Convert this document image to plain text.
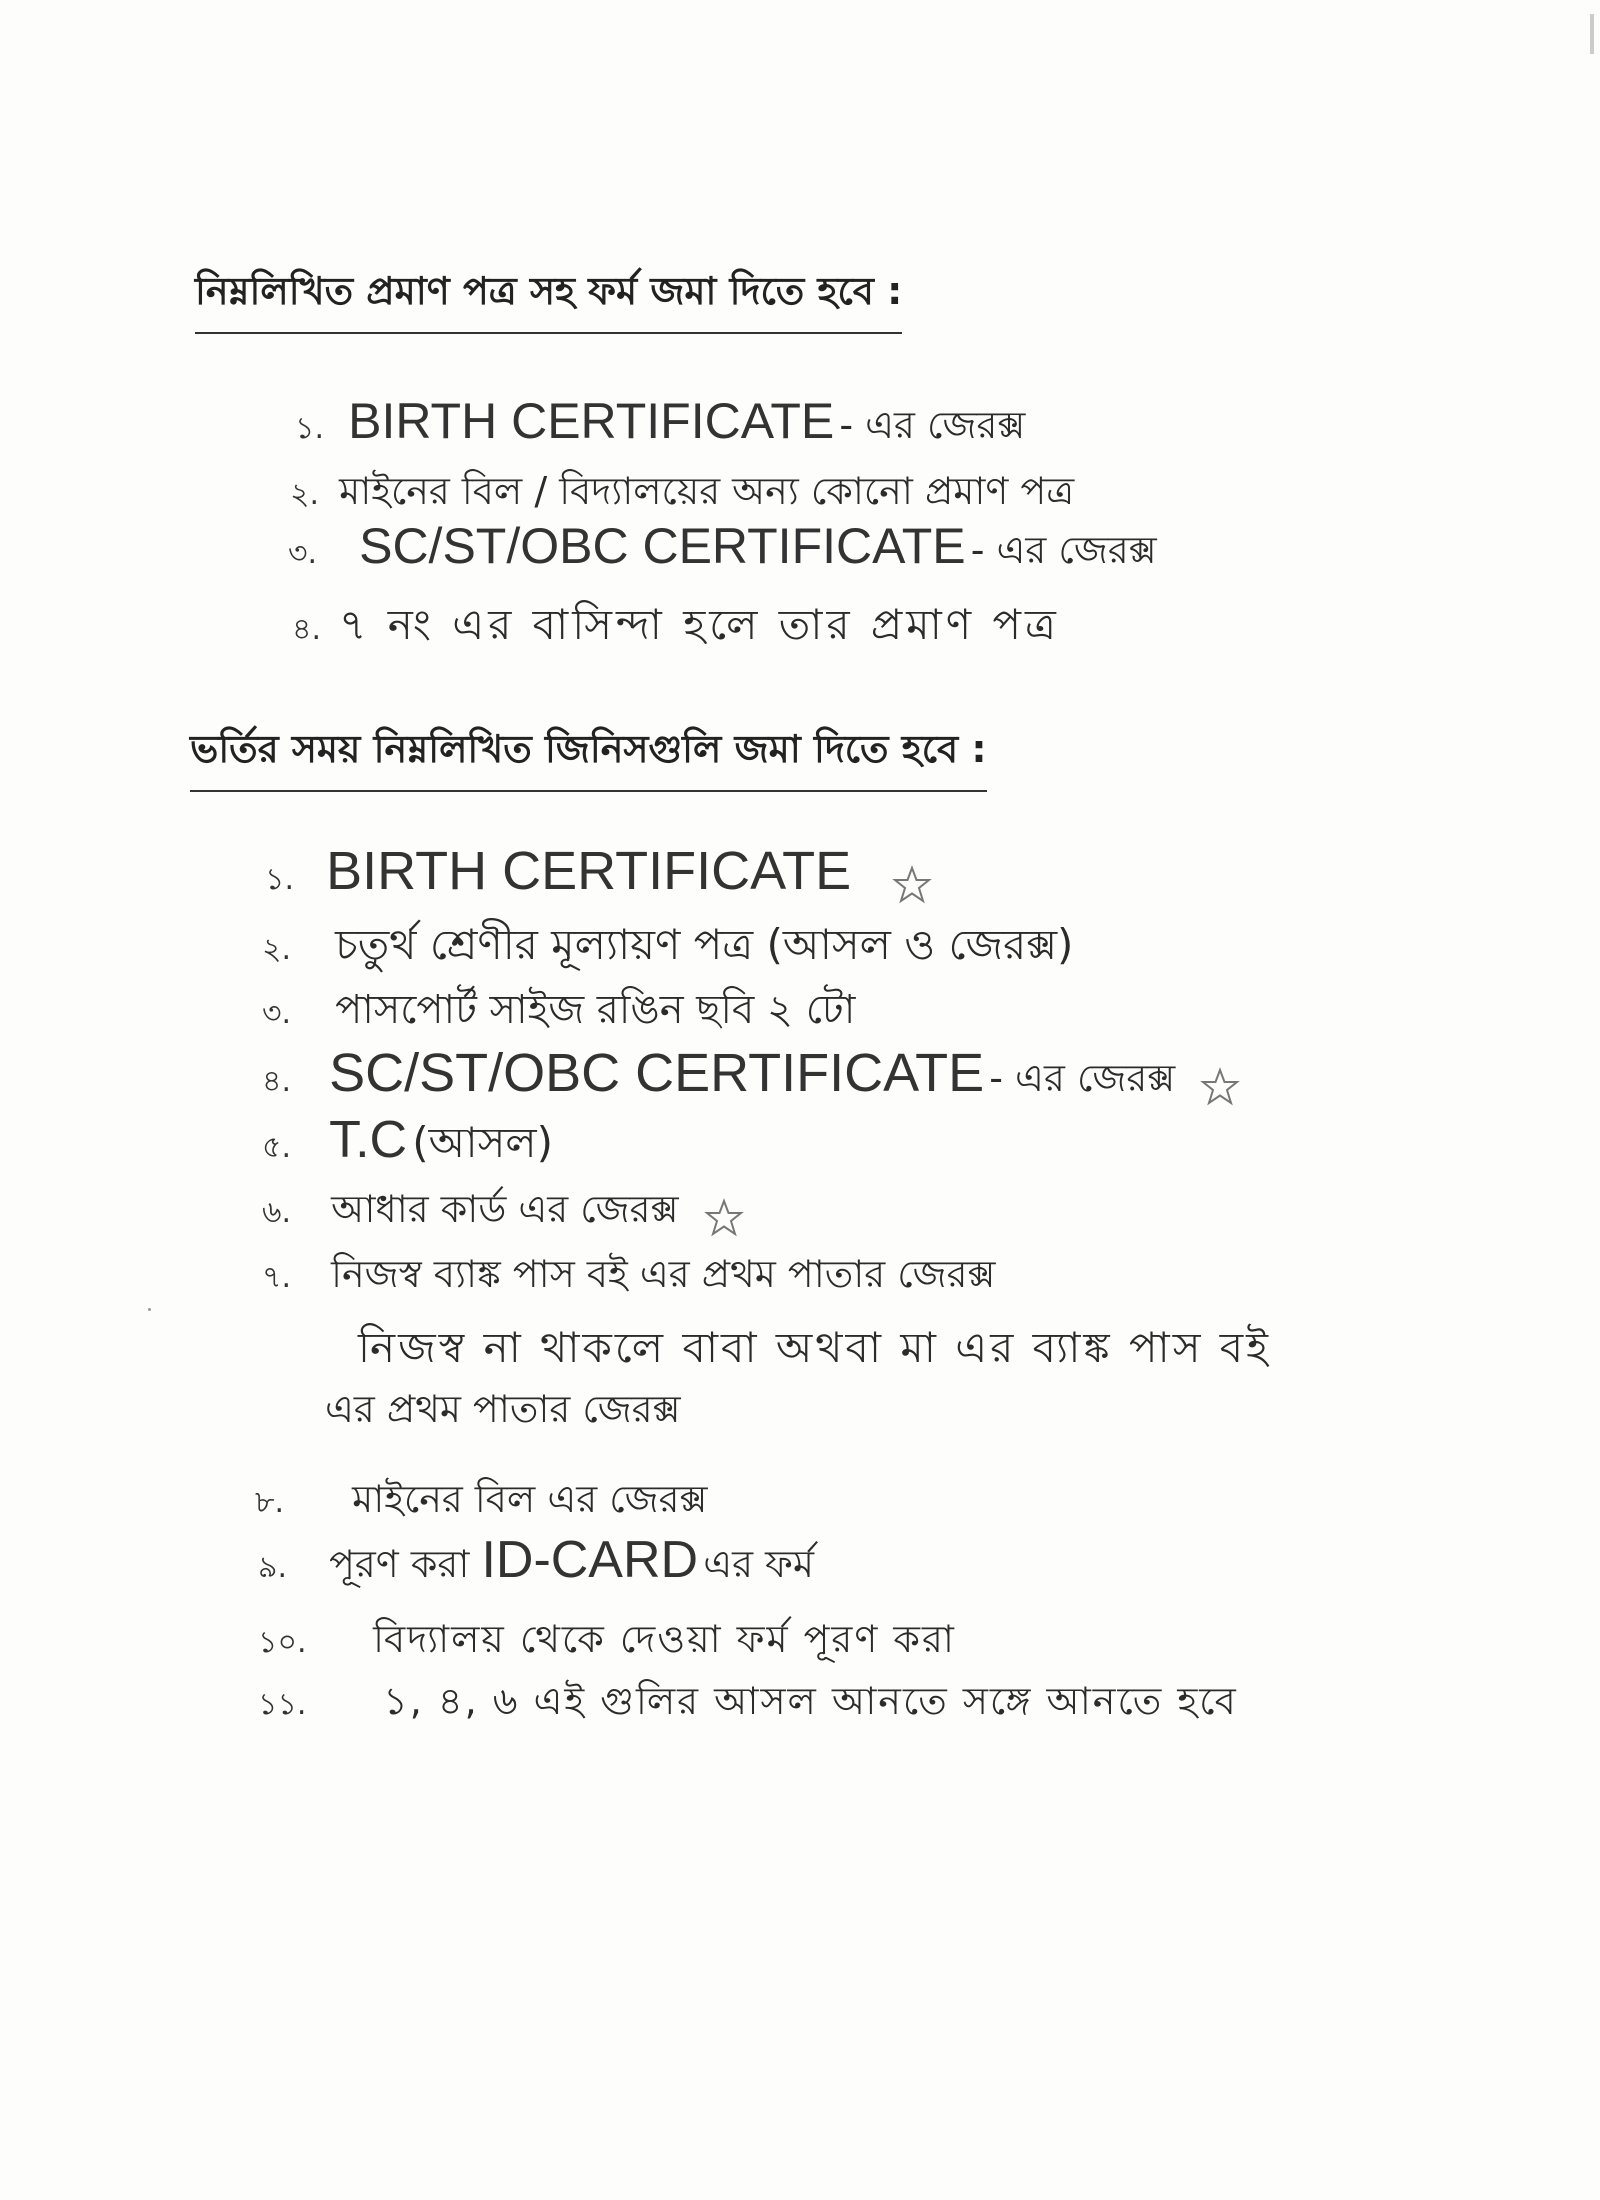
নিম্নলিখিত প্রমাণ পত্র সহ ফর্ম জমা দিতে হবে :
১. BIRTH CERTIFICATE - এর জেরক্স
২. মাইনের বিল / বিদ্যালয়ের অন্য কোনো প্রমাণ পত্র
৩. SC/ST/OBC CERTIFICATE - এর জেরক্স
৪. ৭ নং এর বাসিন্দা হলে তার প্রমাণ পত্র
ভর্তির সময় নিম্নলিখিত জিনিসগুলি জমা দিতে হবে :
১. BIRTH CERTIFICATE
২. চতুর্থ শ্রেণীর মূল্যায়ণ পত্র (আসল ও জেরক্স)
৩. পাসপোর্ট সাইজ রঙিন ছবি ২ টো
৪. SC/ST/OBC CERTIFICATE - এর জেরক্স
৫. T.C (আসল)
৬. আধার কার্ড এর জেরক্স
৭. নিজস্ব ব্যাঙ্ক পাস বই এর প্রথম পাতার জেরক্স
নিজস্ব না থাকলে বাবা অথবা মা এর ব্যাঙ্ক পাস বই
এর প্রথম পাতার জেরক্স
৮. মাইনের বিল এর জেরক্স
৯. পূরণ করা ID-CARD এর ফর্ম
১০. বিদ্যালয় থেকে দেওয়া ফর্ম পূরণ করা
১১. ১, ৪, ৬ এই গুলির আসল আনতে সঙ্গে আনতে হবে
